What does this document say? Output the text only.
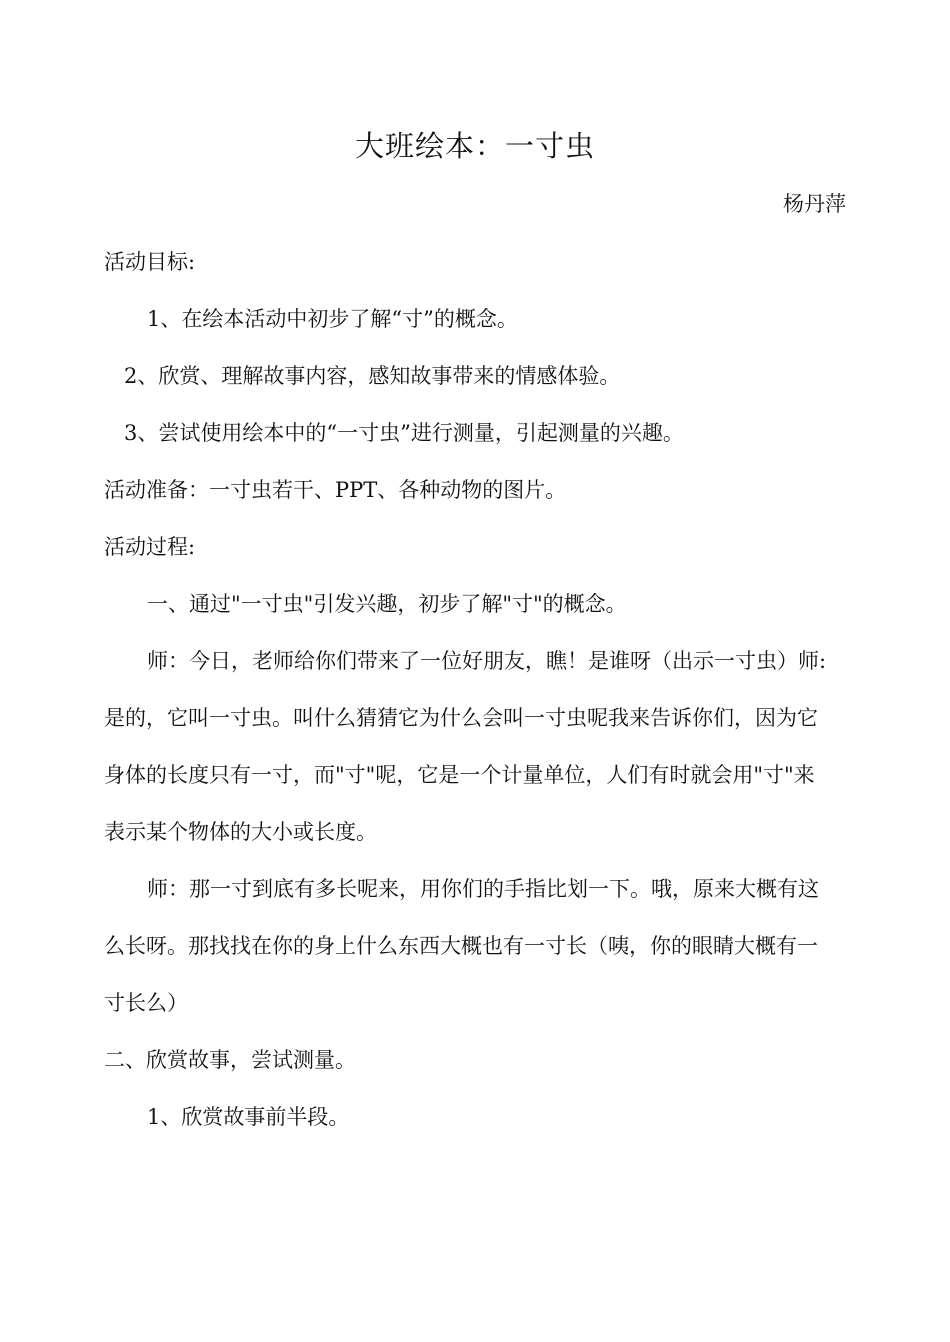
大班绘本：一寸虫
杨丹萍
活动目标:
1、在绘本活动中初步了解“寸”的概念。
2、欣赏、理解故事内容，感知故事带来的情感体验。
3、尝试使用绘本中的“一寸虫”进行测量，引起测量的兴趣。
活动准备：一寸虫若干、PPT、各种动物的图片。
活动过程:
一、通过"一寸虫"引发兴趣，初步了解"寸"的概念。
师：今日，老师给你们带来了一位好朋友，瞧！是谁呀（出示一寸虫）师:
是的，它叫一寸虫。叫什么猜猜它为什么会叫一寸虫呢我来告诉你们，因为它
身体的长度只有一寸，而"寸"呢，它是一个计量单位，人们有时就会用"寸"来
表示某个物体的大小或长度。
师：那一寸到底有多长呢来，用你们的手指比划一下。哦，原来大概有这
么长呀。那找找在你的身上什么东西大概也有一寸长（咦，你的眼睛大概有一
寸长么）
二、欣赏故事，尝试测量。
1、欣赏故事前半段。
